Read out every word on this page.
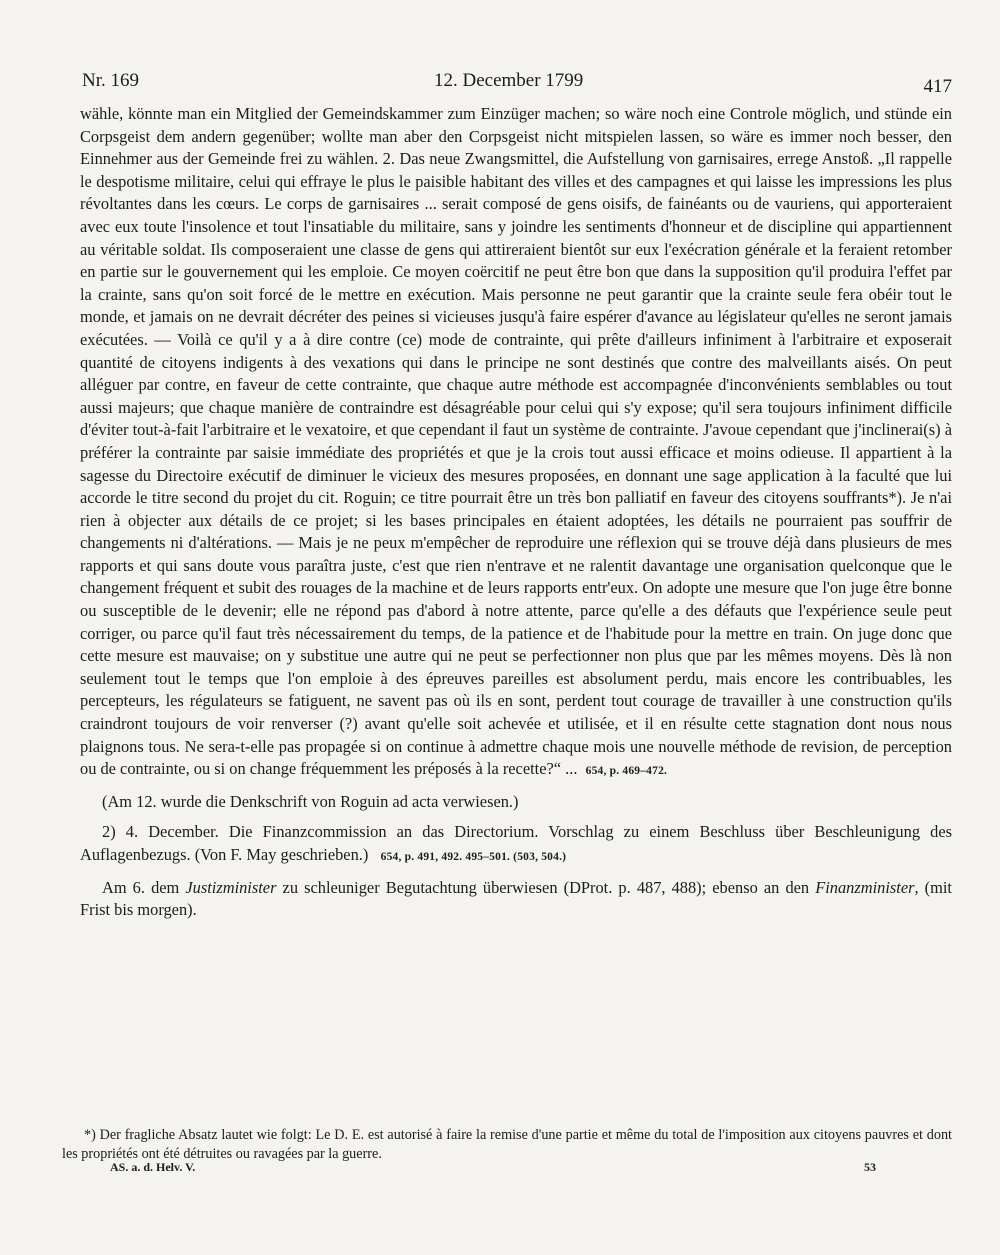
Nr. 169	12. December 1799	417

wähle, könnte man ein Mitglied der Gemeindskammer zum Einzüger machen; so wäre noch eine Controle möglich, und stünde ein Corpsgeist dem andern gegenüber; wollte man aber den Corpsgeist nicht mitspielen lassen, so wäre es immer noch besser, den Einnehmer aus der Gemeinde frei zu wählen. 2. Das neue Zwangsmittel, die Aufstellung von garnisaires, errege Anstoß. „Il rappelle le despotisme militaire, celui qui effraye le plus le paisible habitant des villes et des campagnes et qui laisse les impressions les plus révoltantes dans les cœurs. Le corps de garnisaires ... serait composé de gens oisifs, de fainéants ou de vauriens, qui apporteraient avec eux toute l'insolence et tout l'insatiable du militaire, sans y joindre les sentiments d'honneur et de discipline qui appartiennent au véritable soldat. Ils composeraient une classe de gens qui attireraient bientôt sur eux l'exécration générale et la feraient retomber en partie sur le gouvernement qui les emploie. Ce moyen coërcitif ne peut être bon que dans la supposition qu'il produira l'effet par la crainte, sans qu'on soit forcé de le mettre en exécution. Mais personne ne peut garantir que la crainte seule fera obéir tout le monde, et jamais on ne devrait décréter des peines si vicieuses jusqu'à faire espérer d'avance au législateur qu'elles ne seront jamais exécutées. — Voilà ce qu'il y a à dire contre (ce) mode de contrainte, qui prête d'ailleurs infiniment à l'arbitraire et exposerait quantité de citoyens indigents à des vexations qui dans le principe ne sont destinés que contre des malveillants aisés. On peut alléguer par contre, en faveur de cette contrainte, que chaque autre méthode est accompagnée d'inconvénients semblables ou tout aussi majeurs; que chaque manière de contraindre est désagréable pour celui qui s'y expose; qu'il sera toujours infiniment difficile d'éviter tout-à-fait l'arbitraire et le vexatoire, et que cependant il faut un système de contrainte. J'avoue cependant que j'inclinerai(s) à préférer la contrainte par saisie immédiate des propriétés et que je la crois tout aussi efficace et moins odieuse. Il appartient à la sagesse du Directoire exécutif de diminuer le vicieux des mesures proposées, en donnant une sage application à la faculté que lui accorde le titre second du projet du cit. Roguin; ce titre pourrait être un très bon palliatif en faveur des citoyens souffrants*). Je n'ai rien à objecter aux détails de ce projet; si les bases principales en étaient adoptées, les détails ne pourraient pas souffrir de changements ni d'altérations. — Mais je ne peux m'empêcher de reproduire une réflexion qui se trouve déjà dans plusieurs de mes rapports et qui sans doute vous paraîtra juste, c'est que rien n'entrave et ne ralentit davantage une organisation quelconque que le changement fréquent et subit des rouages de la machine et de leurs rapports entr'eux. On adopte une mesure que l'on juge être bonne ou susceptible de le devenir; elle ne répond pas d'abord à notre attente, parce qu'elle a des défauts que l'expérience seule peut corriger, ou parce qu'il faut très nécessairement du temps, de la patience et de l'habitude pour la mettre en train. On juge donc que cette mesure est mauvaise; on y substitue une autre qui ne peut se perfectionner non plus que par les mêmes moyens. Dès là non seulement tout le temps que l'on emploie à des épreuves pareilles est absolument perdu, mais encore les contribuables, les percepteurs, les régulateurs se fatiguent, ne savent pas où ils en sont, perdent tout courage de travailler à une construction qu'ils craindront toujours de voir renverser (?) avant qu'elle soit achevée et utilisée, et il en résulte cette stagnation dont nous nous plaignons tous. Ne sera-t-elle pas propagée si on continue à admettre chaque mois une nouvelle méthode de revision, de perception ou de contrainte, ou si on change fréquemment les préposés à la recette?“ ... 654, p. 469–472.

(Am 12. wurde die Denkschrift von Roguin ad acta verwiesen.)

2) 4. December. Die Finanzcommission an das Directorium. Vorschlag zu einem Beschluss über Beschleunigung des Auflagenbezugs. (Von F. May geschrieben.) 654, p. 491, 492. 495–501. (503, 504.)

Am 6. dem Justizminister zu schleuniger Begutachtung überwiesen (DProt. p. 487, 488); ebenso an den Finanzminister, (mit Frist bis morgen).

*) Der fragliche Absatz lautet wie folgt: Le D. E. est autorisé à faire la remise d'une partie et même du total de l'imposition aux citoyens pauvres et dont les propriétés ont été détruites ou ravagées par la guerre.
AS. a. d. Helv. V.	53
